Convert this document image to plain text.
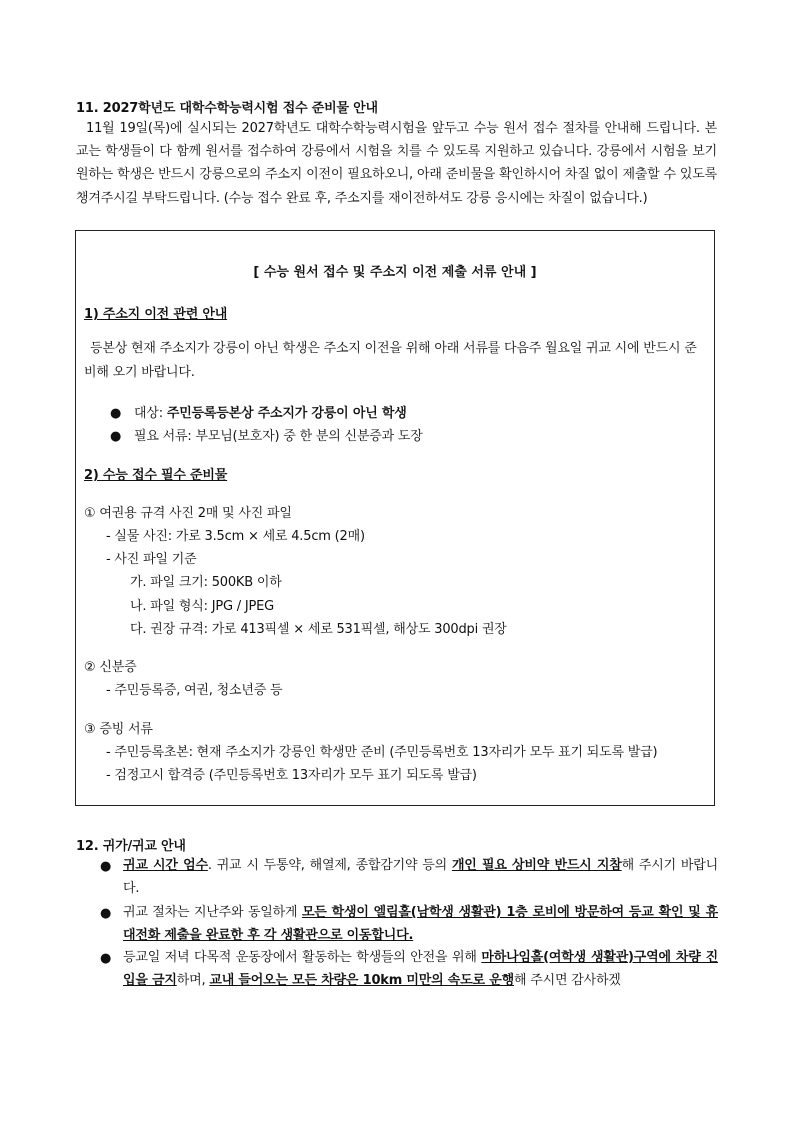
11. 2027학년도 대학수학능력시험 접수 준비물 안내
11월 19일(목)에 실시되는 2027학년도 대학수학능력시험을 앞두고 수능 원서 접수 절차를 안내해 드립니다. 본교는 학생들이 다 함께 원서를 접수하여 강릉에서 시험을 치를 수 있도록 지원하고 있습니다. 강릉에서 시험을 보기 원하는 학생은 반드시 강릉으로의 주소지 이전이 필요하오니, 아래 준비물을 확인하시어 차질 없이 제출할 수 있도록 챙겨주시길 부탁드립니다. (수능 접수 완료 후, 주소지를 재이전하셔도 강릉 응시에는 차질이 없습니다.)
[ 수능 원서 접수 및 주소지 이전 제출 서류 안내 ]
1) 주소지 이전 관련 안내
등본상 현재 주소지가 강릉이 아닌 학생은 주소지 이전을 위해 아래 서류를 다음주 월요일 귀교 시에 반드시 준비해 오기 바랍니다.
● 대상: 주민등록등본상 주소지가 강릉이 아닌 학생
● 필요 서류: 부모님(보호자) 중 한 분의 신분증과 도장
2) 수능 접수 필수 준비물
① 여권용 규격 사진 2매 및 사진 파일
- 실물 사진: 가로 3.5cm × 세로 4.5cm (2매)
- 사진 파일 기준
가. 파일 크기: 500KB 이하
나. 파일 형식: JPG / JPEG
다. 권장 규격: 가로 413픽셀 × 세로 531픽셀, 해상도 300dpi 권장
② 신분증
- 주민등록증, 여권, 청소년증 등
③ 증빙 서류
- 주민등록초본: 현재 주소지가 강릉인 학생만 준비 (주민등록번호 13자리가 모두 표기 되도록 발급)
- 검정고시 합격증 (주민등록번호 13자리가 모두 표기 되도록 발급)
12. 귀가/귀교 안내
● 귀교 시간 엄수. 귀교 시 두통약, 해열제, 종합감기약 등의 개인 필요 상비약 반드시 지참해 주시기 바랍니다.
● 귀교 절차는 지난주와 동일하게 모든 학생이 엘림홀(남학생 생활관) 1층 로비에 방문하여 등교 확인 및 휴대전화 제출을 완료한 후 각 생활관으로 이동합니다.
● 등교일 저녁 다목적 운동장에서 활동하는 학생들의 안전을 위해 마하나임홀(여학생 생활관)구역에 차량 진입을 금지하며, 교내 들어오는 모든 차량은 10km 미만의 속도로 운행해 주시면 감사하겠
